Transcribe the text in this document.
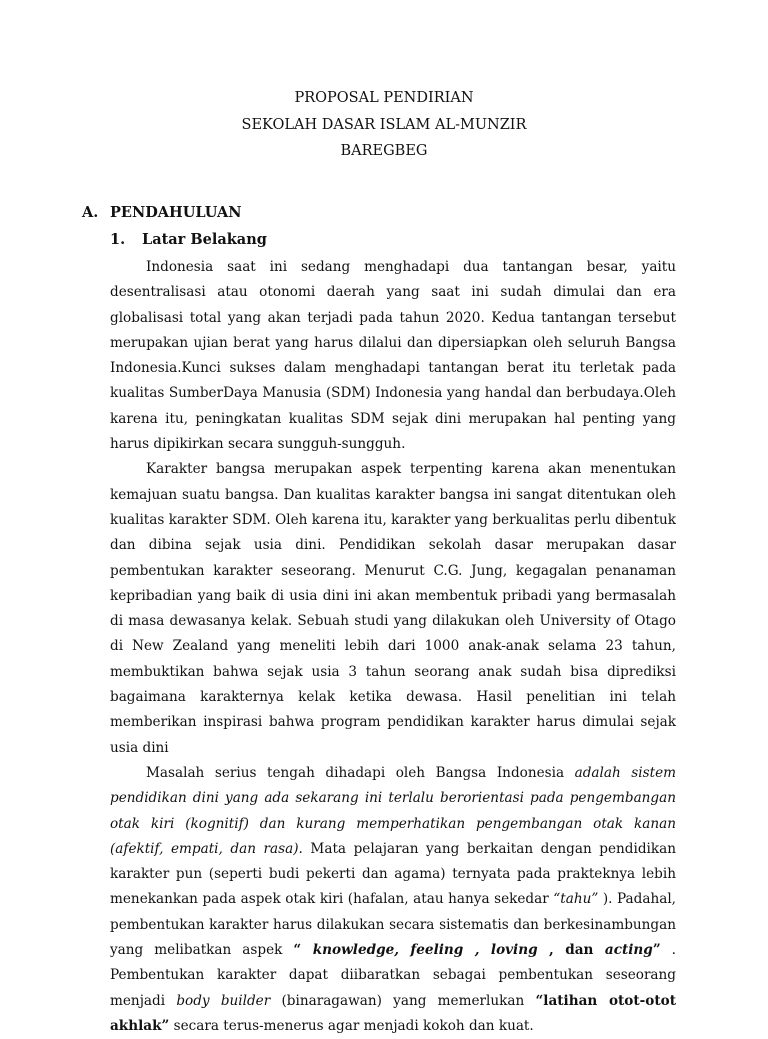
PROPOSAL PENDIRIAN
SEKOLAH DASAR ISLAM AL-MUNZIR
BAREGBEG
A. PENDAHULUAN
1. Latar Belakang

Indonesia saat ini sedang menghadapi dua tantangan besar, yaitu desentralisasi atau otonomi daerah yang saat ini sudah dimulai dan era globalisasi total yang akan terjadi pada tahun 2020. Kedua tantangan tersebut merupakan ujian berat yang harus dilalui dan dipersiapkan oleh seluruh Bangsa Indonesia.Kunci sukses dalam menghadapi tantangan berat itu terletak pada kualitas SumberDaya Manusia (SDM) Indonesia yang handal dan berbudaya.Oleh karena itu, peningkatan kualitas SDM sejak dini merupakan hal penting yang harus dipikirkan secara sungguh-sungguh.

Karakter bangsa merupakan aspek terpenting karena akan menentukan kemajuan suatu bangsa. Dan kualitas karakter bangsa ini sangat ditentukan oleh kualitas karakter SDM. Oleh karena itu, karakter yang berkualitas perlu dibentuk dan dibina sejak usia dini. Pendidikan sekolah dasar merupakan dasar pembentukan karakter seseorang. Menurut C.G. Jung, kegagalan penanaman kepribadian yang baik di usia dini ini akan membentuk pribadi yang bermasalah di masa dewasanya kelak. Sebuah studi yang dilakukan oleh University of Otago di New Zealand yang meneliti lebih dari 1000 anak-anak selama 23 tahun, membuktikan bahwa sejak usia 3 tahun seorang anak sudah bisa diprediksi bagaimana karakternya kelak ketika dewasa. Hasil penelitian ini telah memberikan inspirasi bahwa program pendidikan karakter harus dimulai sejak usia dini

Masalah serius tengah dihadapi oleh Bangsa Indonesia adalah sistem pendidikan dini yang ada sekarang ini terlalu berorientasi pada pengembangan otak kiri (kognitif) dan kurang memperhatikan pengembangan otak kanan (afektif, empati, dan rasa). Mata pelajaran yang berkaitan dengan pendidikan karakter pun (seperti budi pekerti dan agama) ternyata pada prakteknya lebih menekankan pada aspek otak kiri (hafalan, atau hanya sekedar “tahu” ). Padahal, pembentukan karakter harus dilakukan secara sistematis dan berkesinambungan yang melibatkan aspek “ knowledge, feeling , loving , dan acting” . Pembentukan karakter dapat diibaratkan sebagai pembentukan seseorang menjadi body builder (binaragawan) yang memerlukan “latihan otot-otot akhlak” secara terus-menerus agar menjadi kokoh dan kuat.
